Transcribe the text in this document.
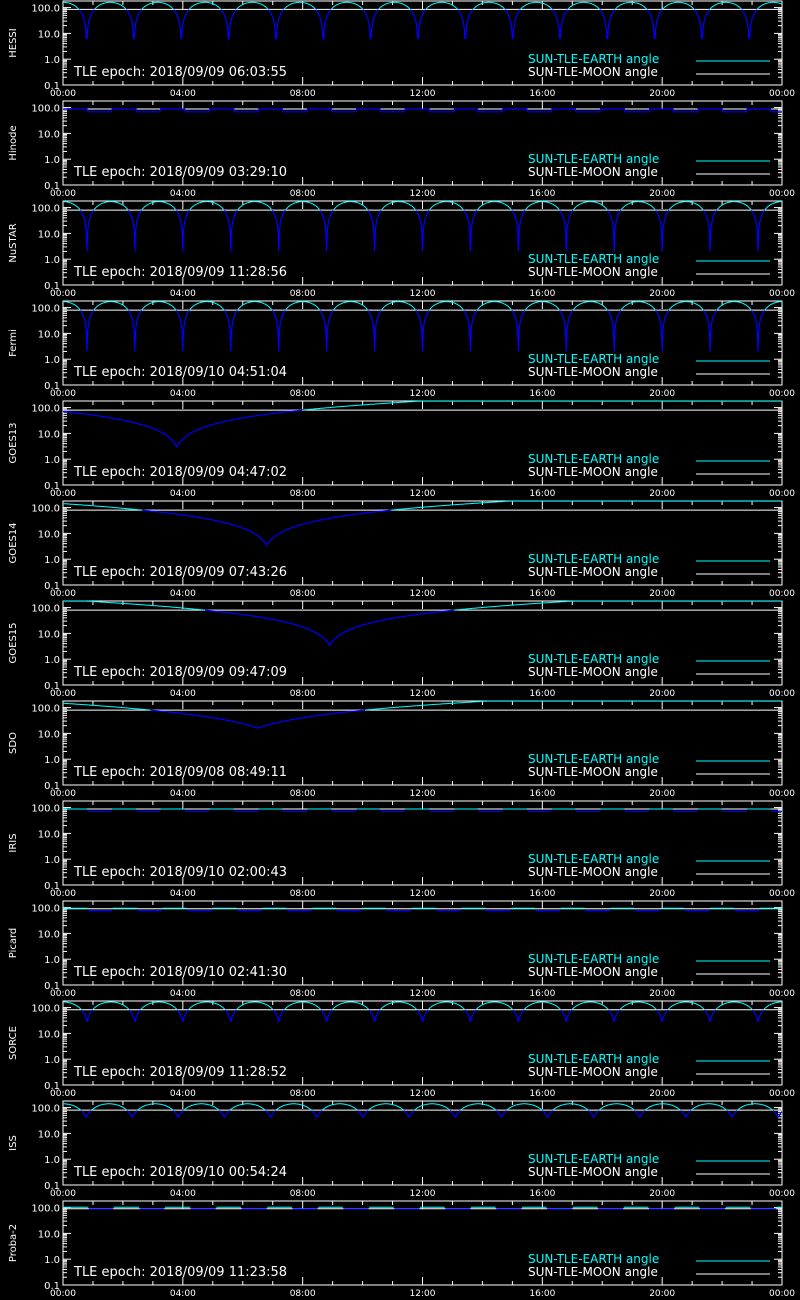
HESSI
100.0
10.0
1.0
0.1
00:00	04:00	08:00	12:00	16:00	20:00	00:00
TLE epoch: 2018/09/09 06:03:55
SUN-TLE-EARTH angle
SUN-TLE-MOON angle
Hinode
100.0
10.0
1.0
0.1
00:00	04:00	08:00	12:00	16:00	20:00	00:00
TLE epoch: 2018/09/09 03:29:10
SUN-TLE-EARTH angle
SUN-TLE-MOON angle
NuSTAR
100.0
10.0
1.0
0.1
00:00	04:00	08:00	12:00	16:00	20:00	00:00
TLE epoch: 2018/09/09 11:28:56
SUN-TLE-EARTH angle
SUN-TLE-MOON angle
Fermi
100.0
10.0
1.0
0.1
00:00	04:00	08:00	12:00	16:00	20:00	00:00
TLE epoch: 2018/09/10 04:51:04
SUN-TLE-EARTH angle
SUN-TLE-MOON angle
GOES13
100.0
10.0
1.0
0.1
00:00	04:00	08:00	12:00	16:00	20:00	00:00
TLE epoch: 2018/09/09 04:47:02
SUN-TLE-EARTH angle
SUN-TLE-MOON angle
GOES14
100.0
10.0
1.0
0.1
00:00	04:00	08:00	12:00	16:00	20:00	00:00
TLE epoch: 2018/09/09 07:43:26
SUN-TLE-EARTH angle
SUN-TLE-MOON angle
GOES15
100.0
10.0
1.0
0.1
00:00	04:00	08:00	12:00	16:00	20:00	00:00
TLE epoch: 2018/09/09 09:47:09
SUN-TLE-EARTH angle
SUN-TLE-MOON angle
SDO
100.0
10.0
1.0
0.1
00:00	04:00	08:00	12:00	16:00	20:00	00:00
TLE epoch: 2018/09/08 08:49:11
SUN-TLE-EARTH angle
SUN-TLE-MOON angle
IRIS
100.0
10.0
1.0
0.1
00:00	04:00	08:00	12:00	16:00	20:00	00:00
TLE epoch: 2018/09/10 02:00:43
SUN-TLE-EARTH angle
SUN-TLE-MOON angle
Picard
100.0
10.0
1.0
0.1
00:00	04:00	08:00	12:00	16:00	20:00	00:00
TLE epoch: 2018/09/10 02:41:30
SUN-TLE-EARTH angle
SUN-TLE-MOON angle
SORCE
100.0
10.0
1.0
0.1
00:00	04:00	08:00	12:00	16:00	20:00	00:00
TLE epoch: 2018/09/09 11:28:52
SUN-TLE-EARTH angle
SUN-TLE-MOON angle
ISS
100.0
10.0
1.0
0.1
00:00	04:00	08:00	12:00	16:00	20:00	00:00
TLE epoch: 2018/09/10 00:54:24
SUN-TLE-EARTH angle
SUN-TLE-MOON angle
Proba-2
100.0
10.0
1.0
0.1
00:00	04:00	08:00	12:00	16:00	20:00	00:00
TLE epoch: 2018/09/09 11:23:58
SUN-TLE-EARTH angle
SUN-TLE-MOON angle
